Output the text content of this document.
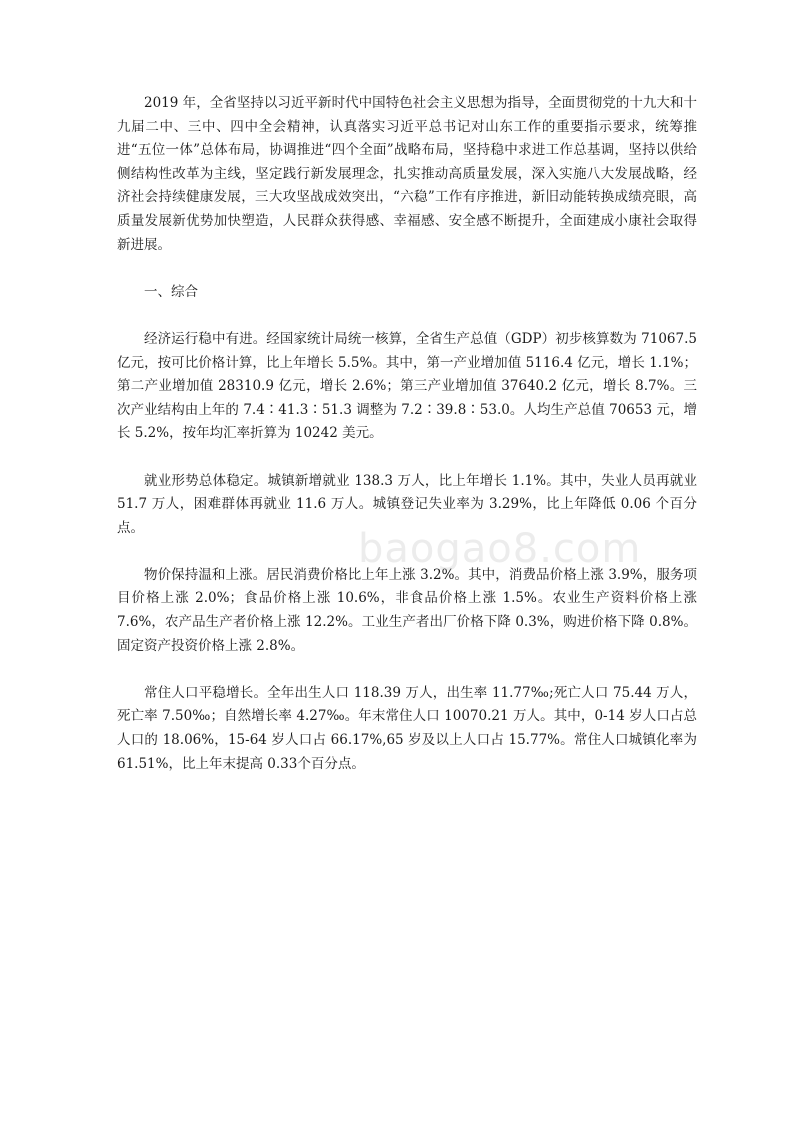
2019 年，全省坚持以习近平新时代中国特色社会主义思想为指导，全面贯彻党的十九大和十九届二中、三中、四中全会精神，认真落实习近平总书记对山东工作的重要指示要求，统筹推进“五位一体”总体布局，协调推进“四个全面”战略布局，坚持稳中求进工作总基调，坚持以供给侧结构性改革为主线，坚定践行新发展理念，扎实推动高质量发展，深入实施八大发展战略，经济社会持续健康发展，三大攻坚战成效突出，“六稳”工作有序推进，新旧动能转换成绩亮眼，高质量发展新优势加快塑造，人民群众获得感、幸福感、安全感不断提升，全面建成小康社会取得新进展。

一、综合

经济运行稳中有进。经国家统计局统一核算，全省生产总值（GDP）初步核算数为 71067.5 亿元，按可比价格计算，比上年增长 5.5%。其中，第一产业增加值 5116.4 亿元，增长 1.1%；第二产业增加值 28310.9 亿元，增长 2.6%；第三产业增加值 37640.2 亿元，增长 8.7%。三次产业结构由上年的 7.4∶41.3∶51.3 调整为 7.2∶39.8∶53.0。人均生产总值 70653 元，增长 5.2%，按年均汇率折算为 10242 美元。

就业形势总体稳定。城镇新增就业 138.3 万人，比上年增长 1.1%。其中，失业人员再就业 51.7 万人，困难群体再就业 11.6 万人。城镇登记失业率为 3.29%，比上年降低 0.06 个百分点。

物价保持温和上涨。居民消费价格比上年上涨 3.2%。其中，消费品价格上涨 3.9%，服务项目价格上涨 2.0%；食品价格上涨 10.6%，非食品价格上涨 1.5%。农业生产资料价格上涨 7.6%，农产品生产者价格上涨 12.2%。工业生产者出厂价格下降 0.3%，购进价格下降 0.8%。固定资产投资价格上涨 2.8%。

常住人口平稳增长。全年出生人口 118.39 万人，出生率 11.77‰;死亡人口 75.44 万人，死亡率 7.50‰；自然增长率 4.27‰。年末常住人口 10070.21 万人。其中，0-14 岁人口占总人口的 18.06%，15-64 岁人口占 66.17%,65 岁及以上人口占 15.77%。常住人口城镇化率为 61.51%，比上年末提高 0.33个百分点。

baogao8.com
